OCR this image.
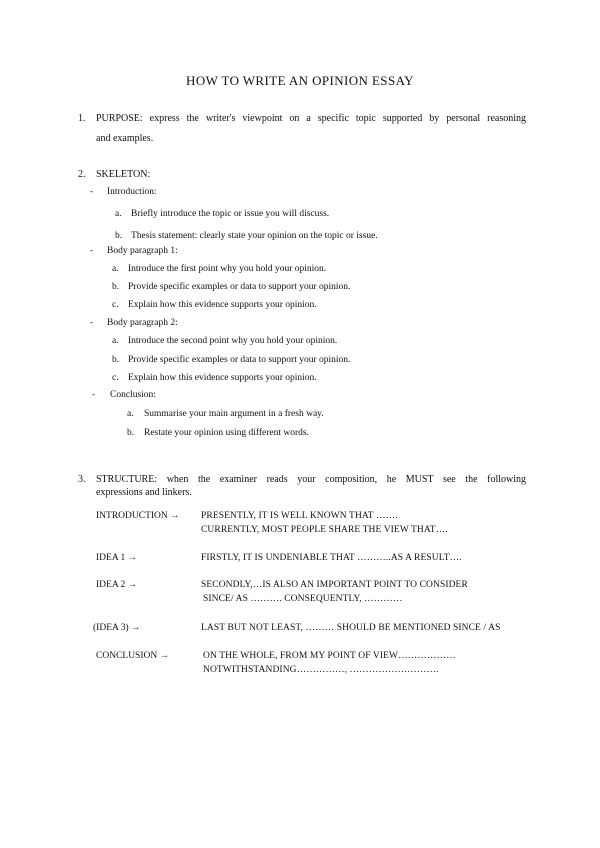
HOW TO WRITE AN OPINION ESSAY
1. PURPOSE: express the writer's viewpoint on a specific topic supported by personal reasoning
and examples.
2. SKELETON:
- Introduction:
a. Briefly introduce the topic or issue you will discuss.
b. Thesis statement: clearly state your opinion on the topic or issue.
- Body paragraph 1:
a. Introduce the first point why you hold your opinion.
b. Provide specific examples or data to support your opinion.
c. Explain how this evidence supports your opinion.
- Body paragraph 2:
a. Introduce the second point why you hold your opinion.
b. Provide specific examples or data to support your opinion.
c. Explain how this evidence supports your opinion.
- Conclusion:
a. Summarise your main argument in a fresh way.
b. Restate your opinion using different words.
3. STRUCTURE: when the examiner reads your composition, he MUST see the following
expressions and linkers.
INTRODUCTION → PRESENTLY, IT IS WELL KNOWN THAT …….
CURRENTLY, MOST PEOPLE SHARE THE VIEW THAT….
IDEA 1 →	FIRSTLY, IT IS UNDENIABLE THAT ………..AS A RESULT….
IDEA 2 →	SECONDLY,…IS ALSO AN IMPORTANT POINT TO CONSIDER
SINCE/ AS ………. CONSEQUENTLY, …………
(IDEA 3) →	LAST BUT NOT LEAST, ……… SHOULD BE MENTIONED SINCE / AS
CONCLUSION →	ON THE WHOLE, FROM MY POINT OF VIEW………………
NOTWITHSTANDING……………, ……………………….
